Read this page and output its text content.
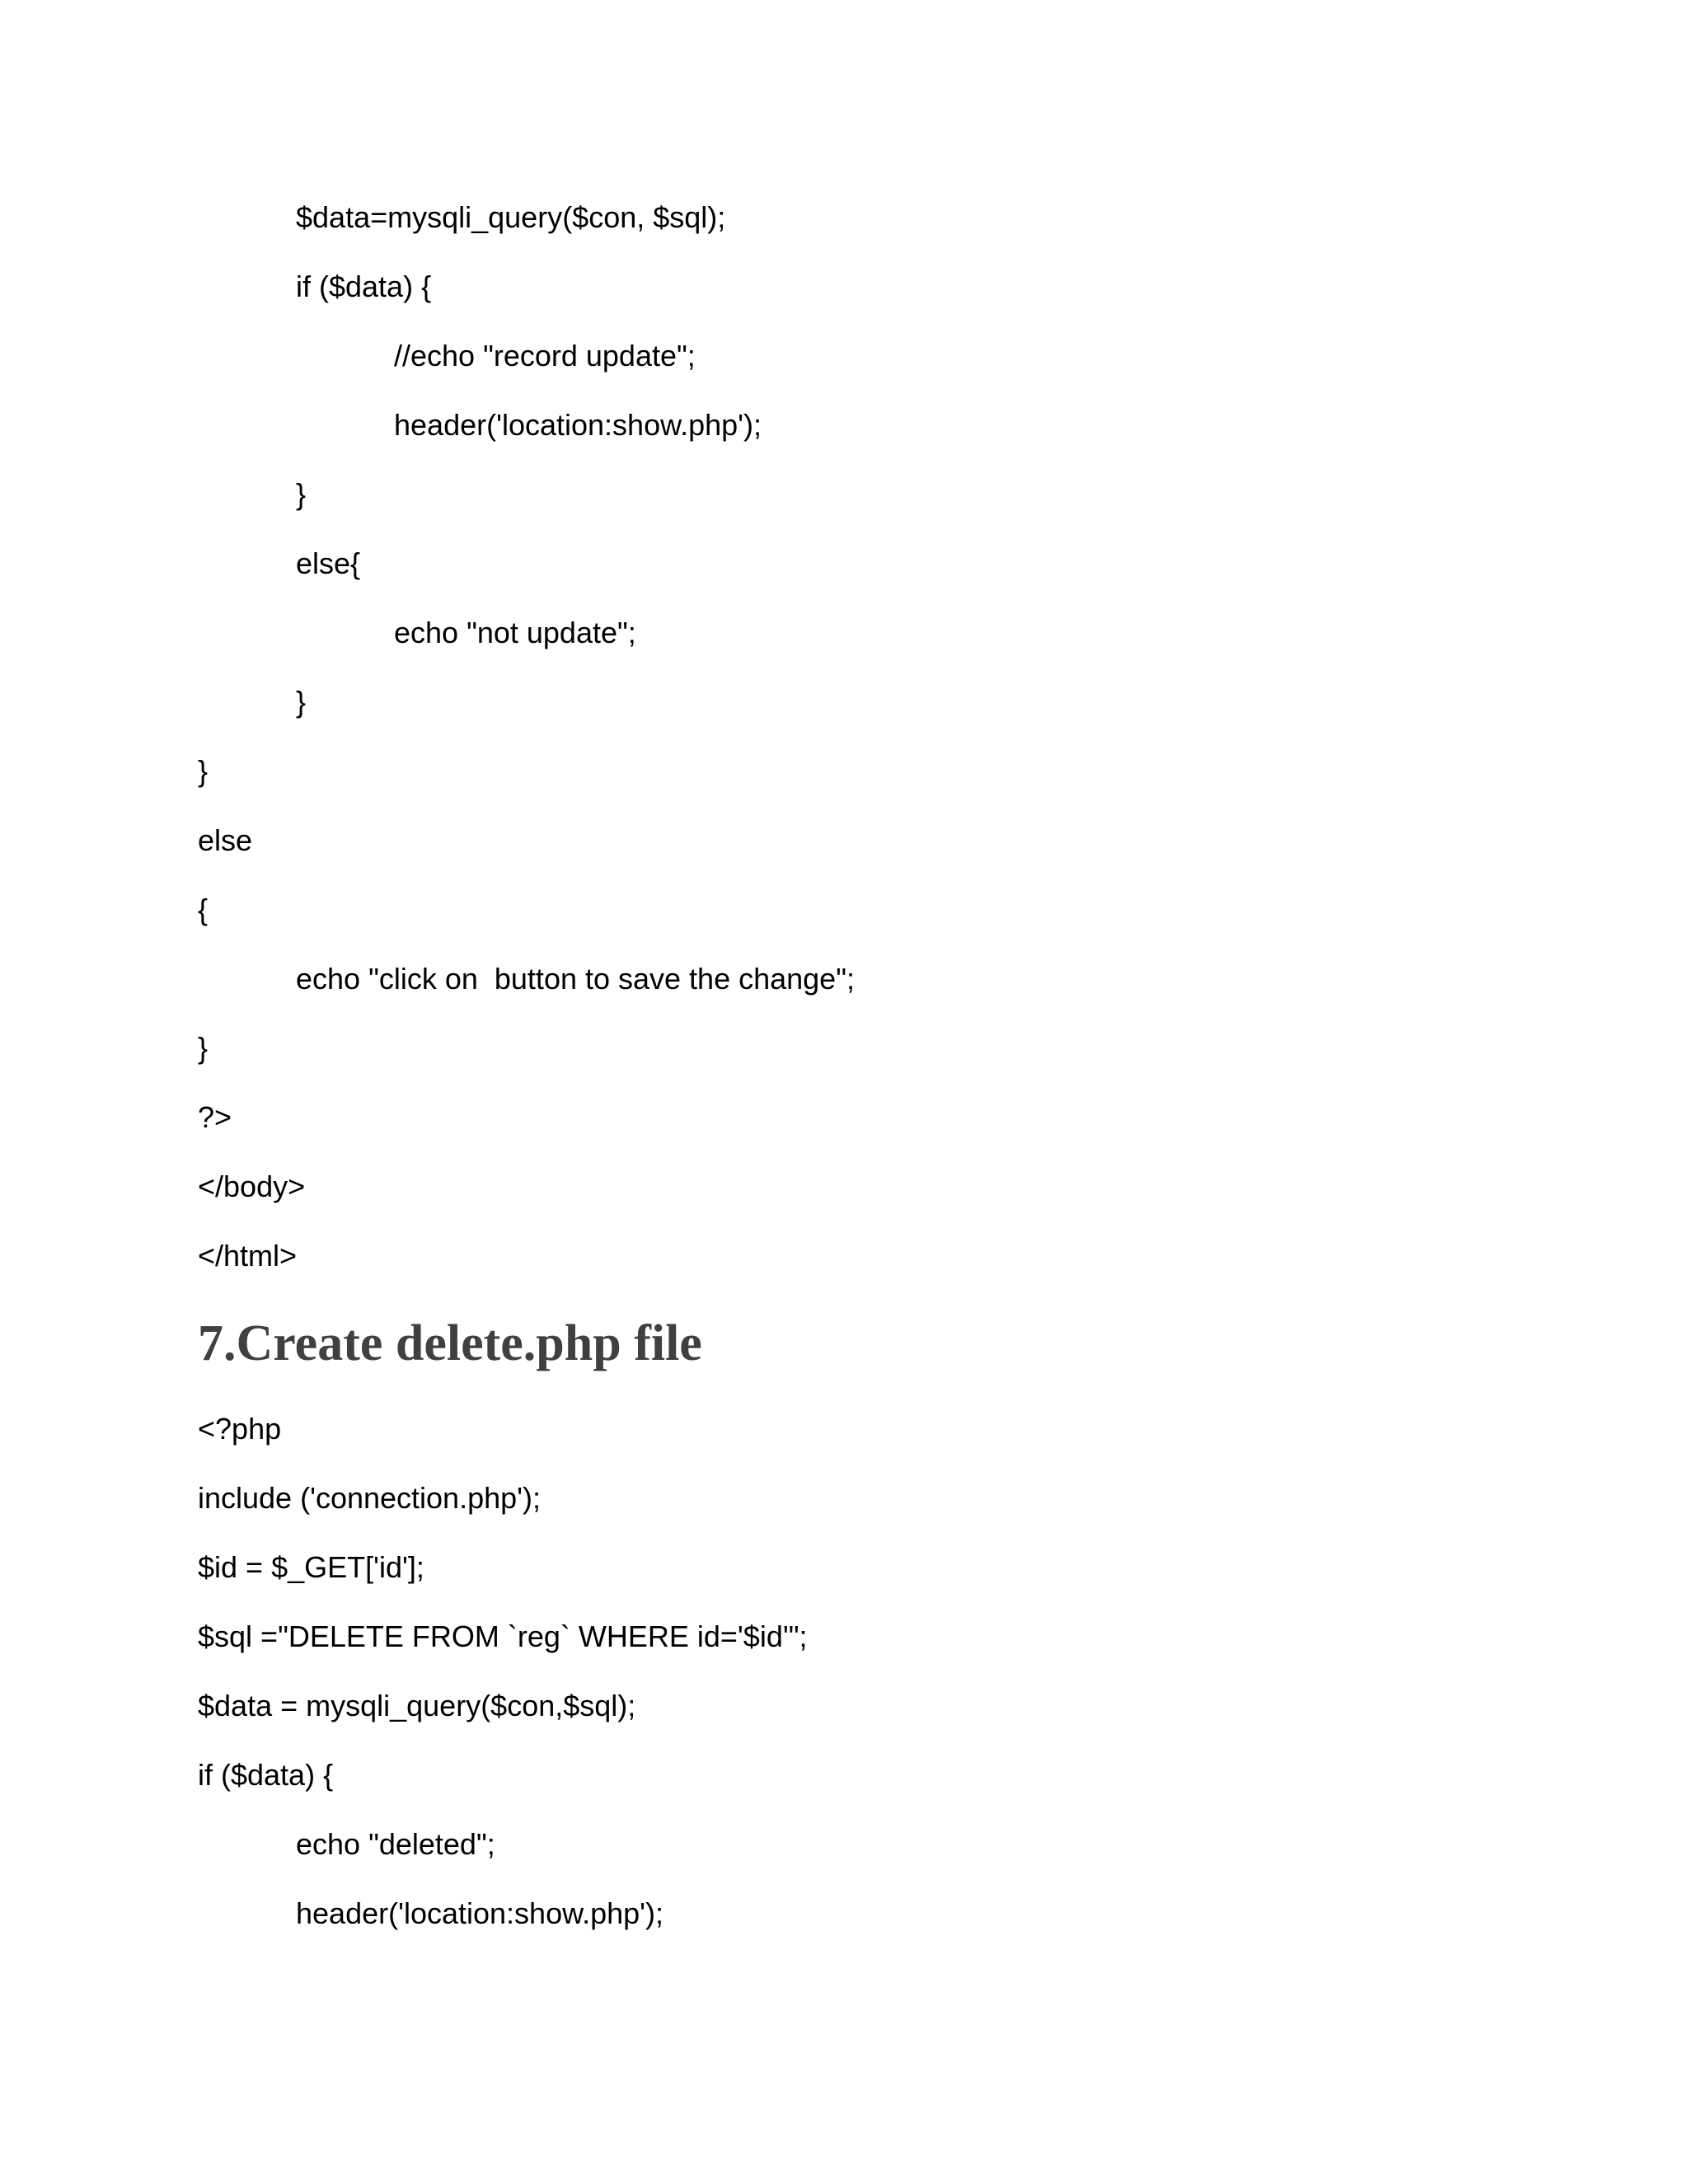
$data=mysqli_query($con, $sql);
if ($data) {
//echo "record update";
header('location:show.php');
}
else{
echo "not update";
}
}
else
{
echo "click on  button to save the change";
}
?>
</body>
</html>
7.Create delete.php file
<?php
include ('connection.php');
$id = $_GET['id'];
$sql ="DELETE FROM `reg` WHERE id='$id'";
$data = mysqli_query($con,$sql);
if ($data) {
echo "deleted";
header('location:show.php');
